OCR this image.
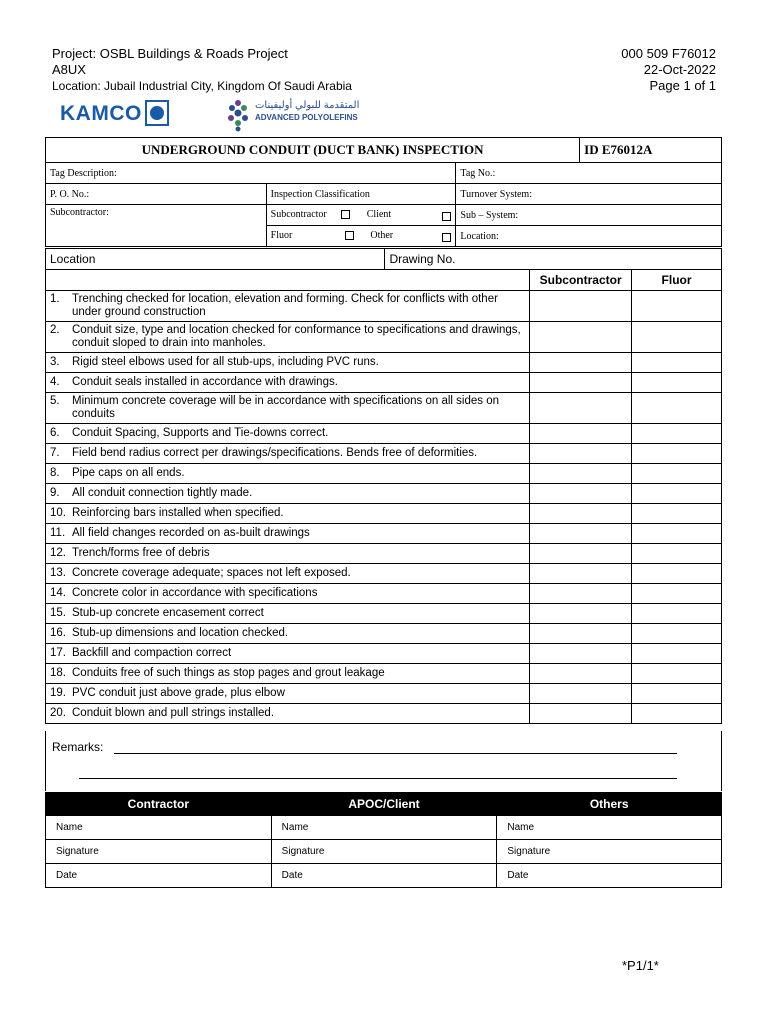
Project: OSBL Buildings & Roads Project
A8UX
Location: Jubail Industrial City, Kingdom Of Saudi Arabia
000 509 F76012
22-Oct-2022
Page 1 of 1
KAMCO	المتقدمة للبولي أوليفينات
ADVANCED POLYOLEFINS
UNDERGROUND CONDUIT (DUCT BANK) INSPECTION			ID E76012A
Tag Description:		Tag No.:	
P. O. No.:	Inspection Classification	Turnover System:	
Subcontractor:	Subcontractor Client	Sub – System:	
	Fluor Other	Location:	
Location	Drawing No.		
		Subcontractor	Fluor

1. Trenching checked for location, elevation and forming. Check for conflicts with other under ground construction			

2. Conduit size, type and location checked for conformance to specifications and drawings, conduit sloped to drain into manholes.			

3. Rigid steel elbows used for all stub-ups, including PVC runs.			

4. Conduit seals installed in accordance with drawings.			

5. Minimum concrete coverage will be in accordance with specifications on all sides on conduits			

6. Conduit Spacing, Supports and Tie-downs correct.			

7. Field bend radius correct per drawings/specifications. Bends free of deformities.			

8. Pipe caps on all ends.			

9. All conduit connection tightly made.			

10. Reinforcing bars installed when specified.			

11. All field changes recorded on as-built drawings			

12. Trench/forms free of debris			

13. Concrete coverage adequate; spaces not left exposed.			

14. Concrete color in accordance with specifications			

15. Stub-up concrete encasement correct			

16. Stub-up dimensions and location checked.			

17. Backfill and compaction correct			

18. Conduits free of such things as stop pages and grout leakage			

19. PVC conduit just above grade, plus elbow			

20. Conduit blown and pull strings installed.			

Remarks:
Contractor	APOC/Client	Others
Name	Name	Name
Signature	Signature	Signature
Date	Date	Date
*P1/1*
